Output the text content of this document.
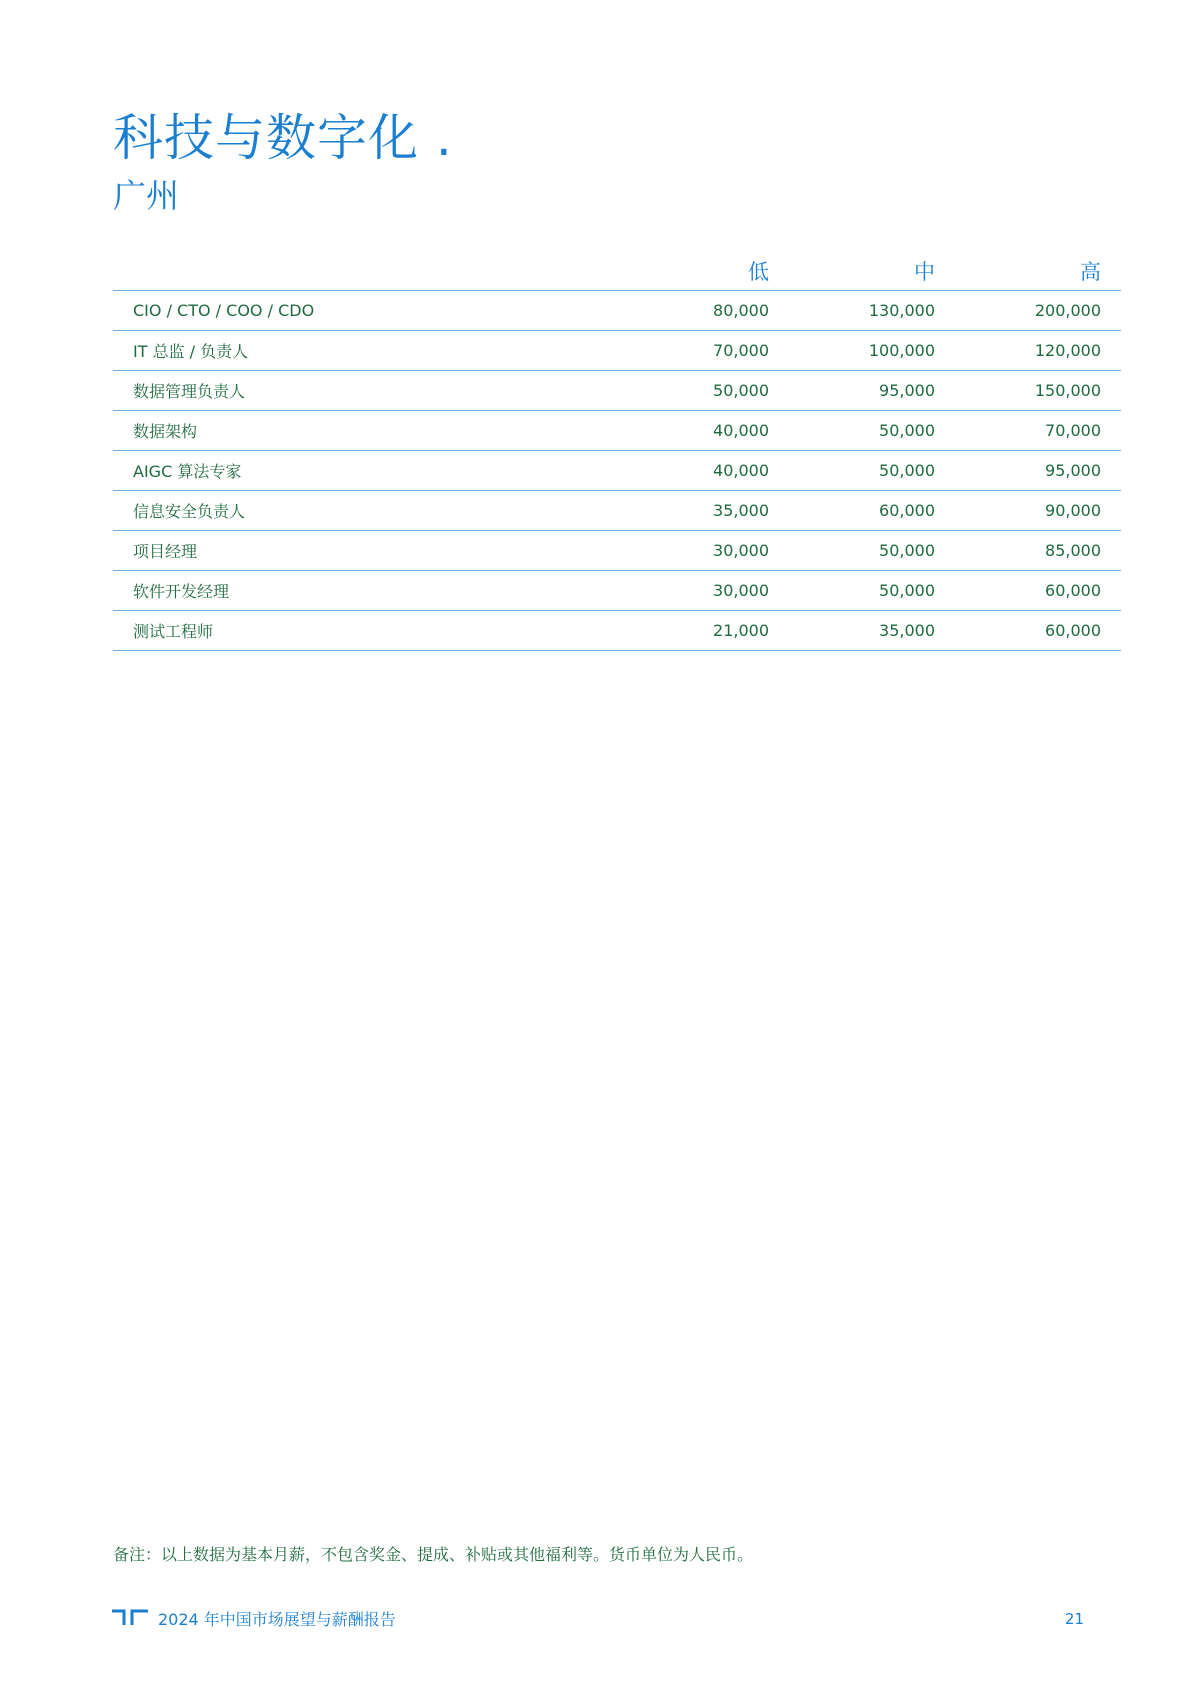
科技与数字化 .
广州
	低	中	高
CIO / CTO / COO / CDO	80,000	130,000	200,000
IT 总监 / 负责人	70,000	100,000	120,000
数据管理负责人	50,000	95,000	150,000
数据架构	40,000	50,000	70,000
AIGC 算法专家	40,000	50,000	95,000
信息安全负责人	35,000	60,000	90,000
项目经理	30,000	50,000	85,000
软件开发经理	30,000	50,000	60,000
测试工程师	21,000	35,000	60,000
备注：以上数据为基本月薪，不包含奖金、提成、补贴或其他福利等。货币单位为人民币。
2024 年中国市场展望与薪酬报告	21
